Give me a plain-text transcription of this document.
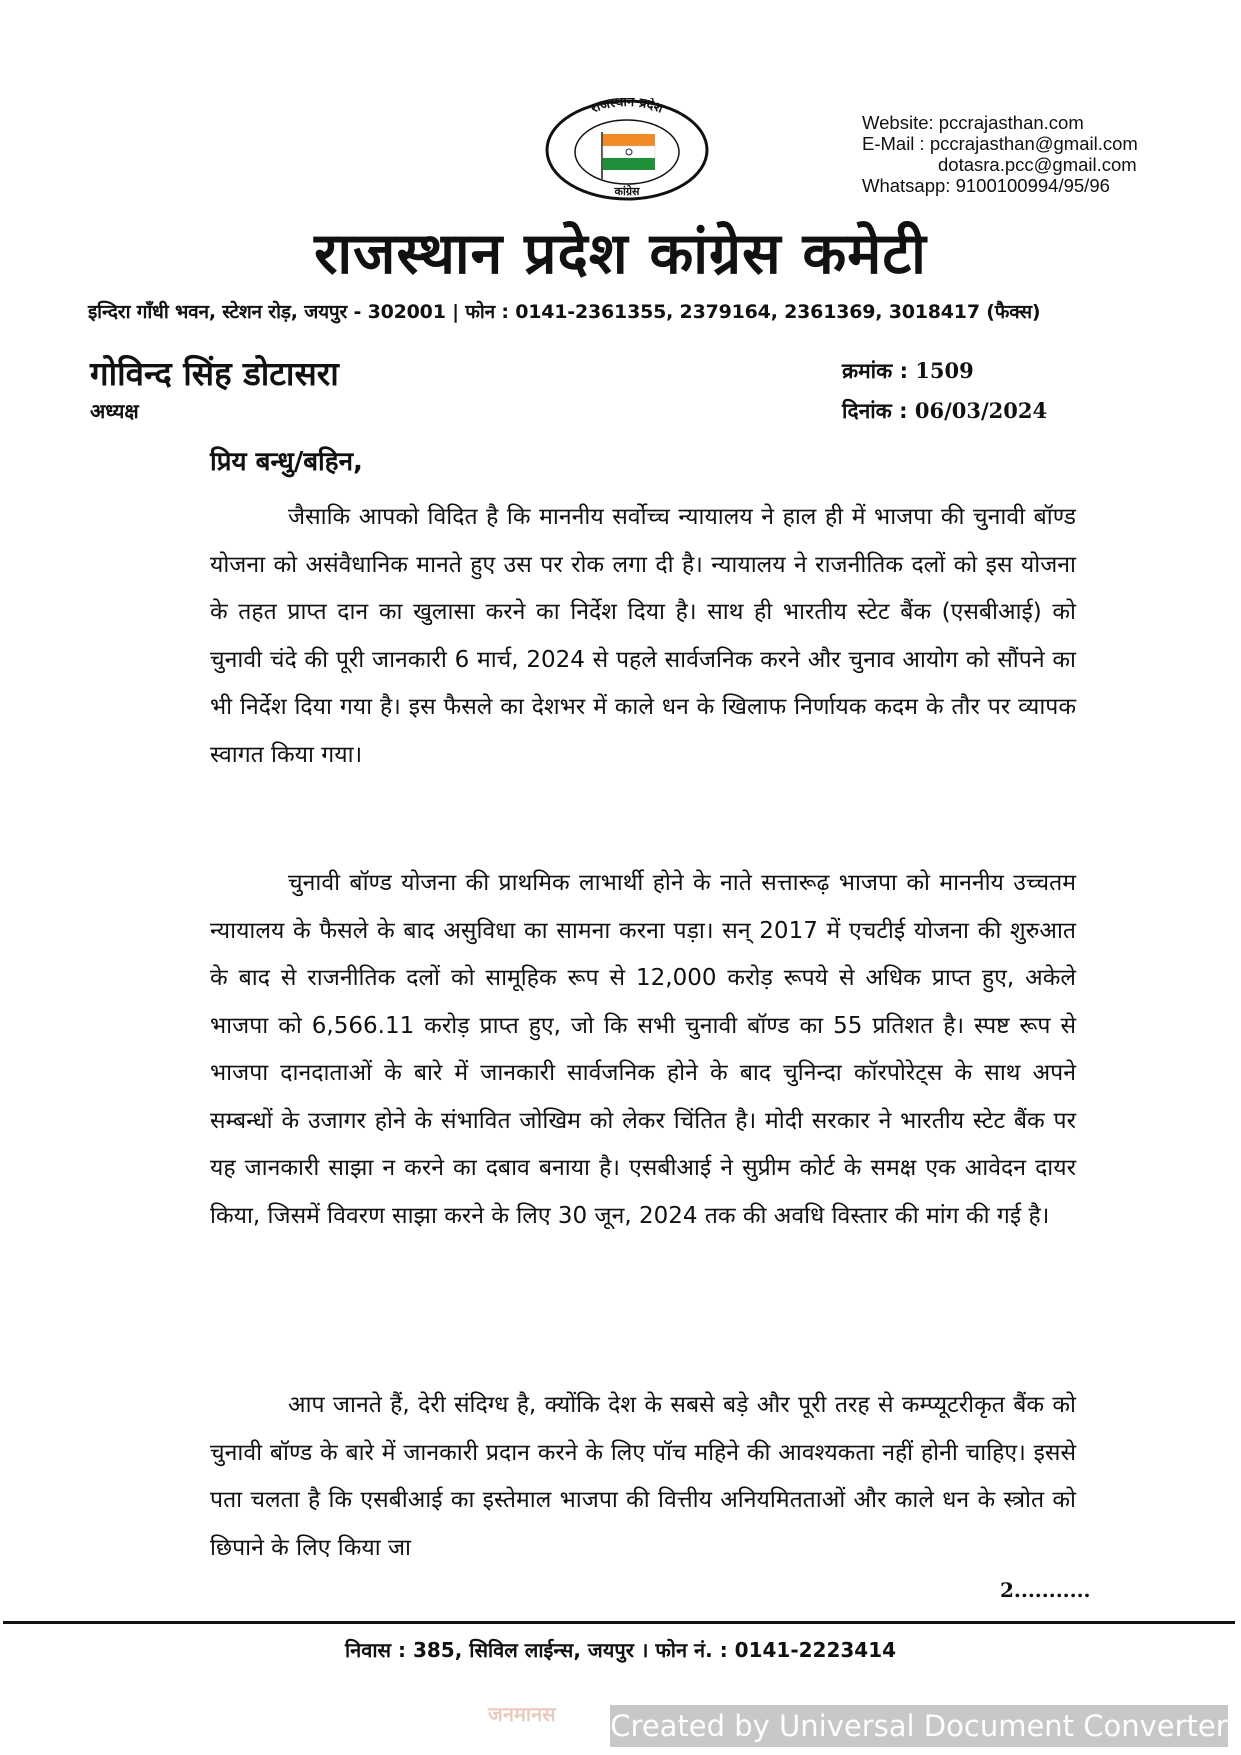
राजस्थान प्रदेश
कांग्रेस
Website: pccrajasthan.com
E-Mail : pccrajasthan@gmail.com
dotasra.pcc@gmail.com
Whatsapp: 9100100994/95/96
राजस्थान प्रदेश कांग्रेस कमेटी
इन्दिरा गाँधी भवन, स्टेशन रोड़, जयपुर - 302001 | फोन : 0141-2361355, 2379164, 2361369, 3018417 (फैक्स)
गोविन्द सिंह डोटासरा
अध्यक्ष
क्रमांक : 1509
दिनांक : 06/03/2024
प्रिय बन्धु/बहिन,
जैसाकि आपको विदित है कि माननीय सर्वोच्च न्यायालय ने हाल ही में भाजपा की चुनावी बॉण्ड योजना को असंवैधानिक मानते हुए उस पर रोक लगा दी है। न्यायालय ने राजनीतिक दलों को इस योजना के तहत प्राप्त दान का खुलासा करने का निर्देश दिया है। साथ ही भारतीय स्टेट बैंक (एसबीआई) को चुनावी चंदे की पूरी जानकारी 6 मार्च, 2024 से पहले सार्वजनिक करने और चुनाव आयोग को सौंपने का भी निर्देश दिया गया है। इस फैसले का देशभर में काले धन के खिलाफ निर्णायक कदम के तौर पर व्यापक स्वागत किया गया।
चुनावी बॉण्ड योजना की प्राथमिक लाभार्थी होने के नाते सत्तारूढ़ भाजपा को माननीय उच्चतम न्यायालय के फैसले के बाद असुविधा का सामना करना पड़ा। सन् 2017 में एचटीई योजना की शुरुआत के बाद से राजनीतिक दलों को सामूहिक रूप से 12,000 करोड़ रूपये से अधिक प्राप्त हुए, अकेले भाजपा को 6,566.11 करोड़ प्राप्त हुए, जो कि सभी चुनावी बॉण्ड का 55 प्रतिशत है। स्पष्ट रूप से भाजपा दानदाताओं के बारे में जानकारी सार्वजनिक होने के बाद चुनिन्दा कॉरपोरेट्स के साथ अपने सम्बन्धों के उजागर होने के संभावित जोखिम को लेकर चिंतित है। मोदी सरकार ने भारतीय स्टेट बैंक पर यह जानकारी साझा न करने का दबाव बनाया है। एसबीआई ने सुप्रीम कोर्ट के समक्ष एक आवेदन दायर किया, जिसमें विवरण साझा करने के लिए 30 जून, 2024 तक की अवधि विस्तार की मांग की गई है।
आप जानते हैं, देरी संदिग्ध है, क्योंकि देश के सबसे बड़े और पूरी तरह से कम्प्यूटरीकृत बैंक को चुनावी बॉण्ड के बारे में जानकारी प्रदान करने के लिए पॉच महिने की आवश्यकता नहीं होनी चाहिए। इससे पता चलता है कि एसबीआई का इस्तेमाल भाजपा की वित्तीय अनियमितताओं और काले धन के स्त्रोत को छिपाने के लिए किया जा
2...........
निवास : 385, सिविल लाईन्स, जयपुर । फोन नं. : 0141-2223414
जनमानस Created by Universal Document Converter
